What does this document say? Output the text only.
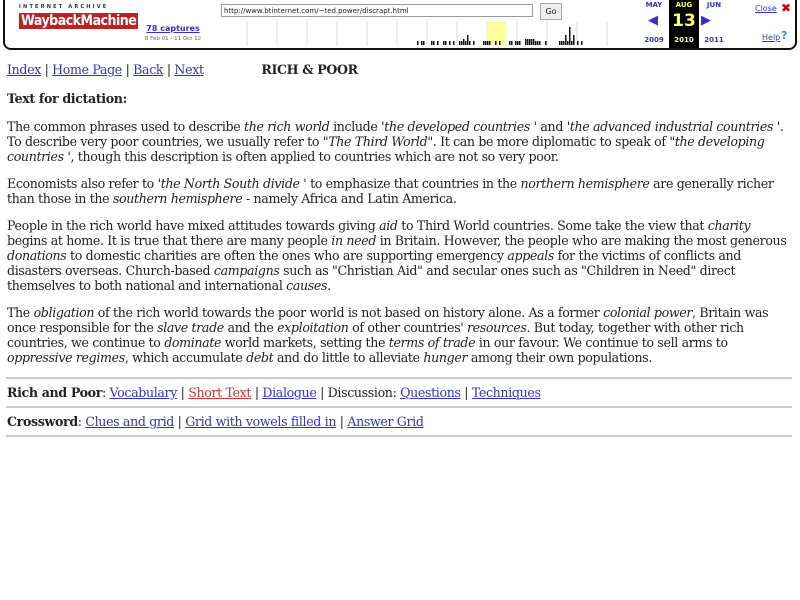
INTERNET ARCHIVE
WaybackMachine	78 captures
8 Feb 01 - 11 Oct 12
http://www.btinternet.com/~ted.power/discrapt.html	Go
MAY
◀
2009
AUG
13
2010
JUN
▶
2011
Close ✖
Help ?
Index | Home Page | Back | Next	RICH & POOR
Text for dictation:

The common phrases used to describe the rich world include 'the developed countries ' and 'the advanced industrial countries '. To describe very poor countries, we usually refer to "The Third World". It can be more diplomatic to speak of "the developing countries ', though this description is often applied to countries which are not so very poor.

Economists also refer to 'the North South divide ' to emphasize that countries in the northern hemisphere are generally richer than those in the southern hemisphere - namely Africa and Latin America.

People in the rich world have mixed attitudes towards giving aid to Third World countries. Some take the view that charity begins at home. It is true that there are many people in need in Britain. However, the people who are making the most generous donations to domestic charities are often the ones who are supporting emergency appeals for the victims of conflicts and disasters overseas. Church-based campaigns such as "Christian Aid" and secular ones such as "Children in Need" direct themselves to both national and international causes.

The obligation of the rich world towards the poor world is not based on history alone. As a former colonial power, Britain was once responsible for the slave trade and the exploitation of other countries' resources. But today, together with other rich countries, we continue to dominate world markets, setting the terms of trade in our favour. We continue to sell arms to oppressive regimes, which accumulate debt and do little to alleviate hunger among their own populations.

Rich and Poor: Vocabulary | Short Text | Dialogue | Discussion: Questions | Techniques
Crossword: Clues and grid | Grid with vowels filled in | Answer Grid
